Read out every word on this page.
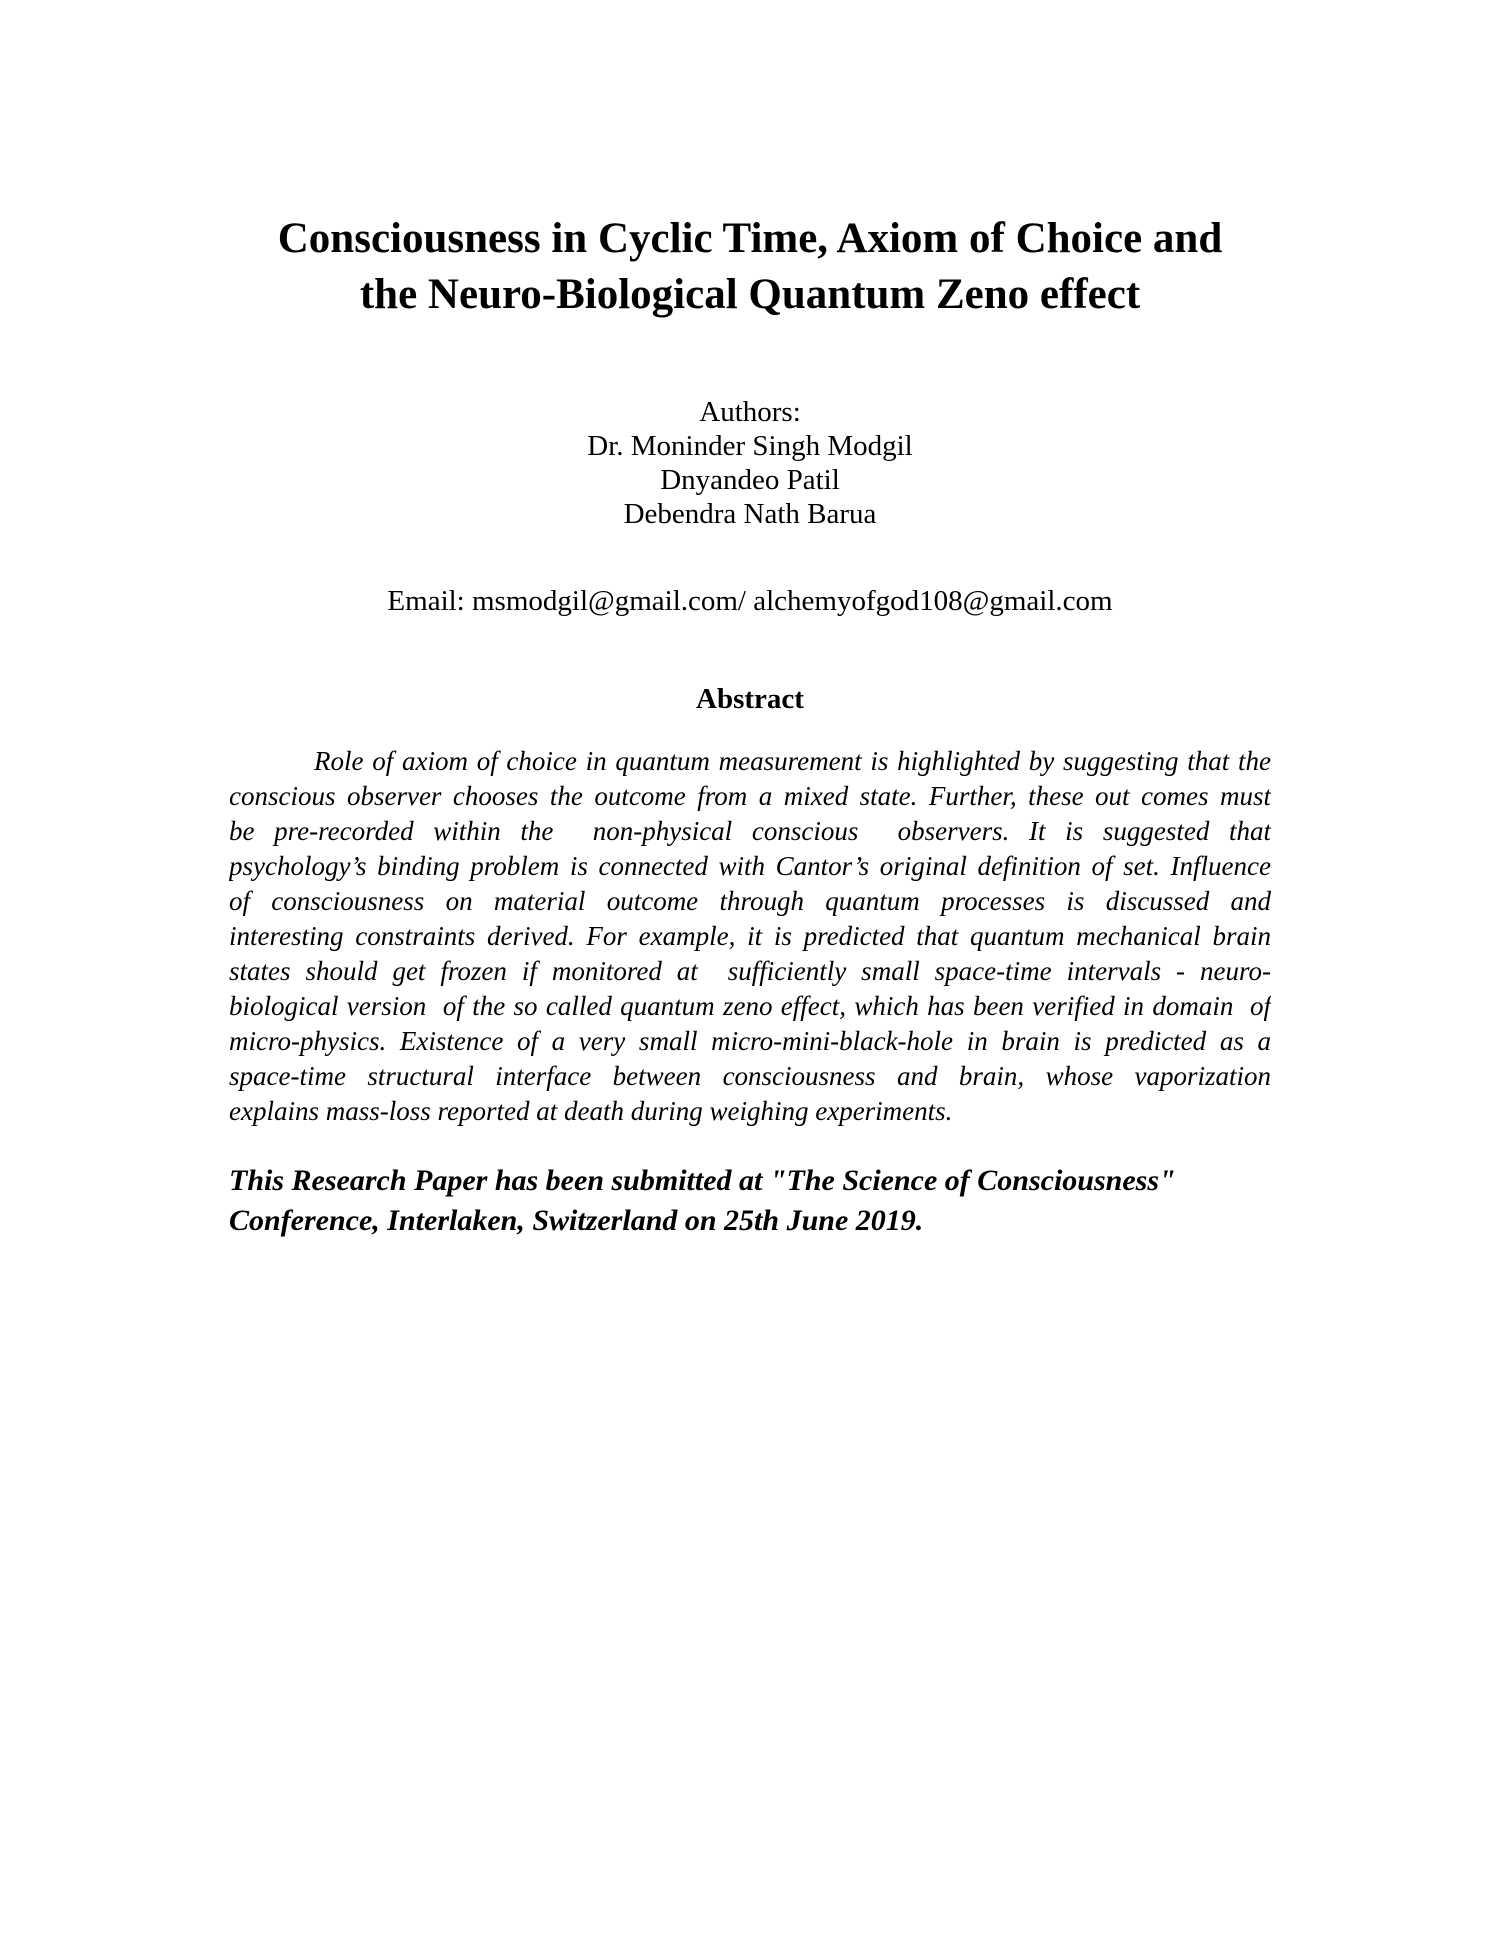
Consciousness in Cyclic Time, Axiom of Choice and
the Neuro-Biological Quantum Zeno effect
Authors:
Dr. Moninder Singh Modgil
Dnyandeo Patil
Debendra Nath Barua
Email: msmodgil@gmail.com/ alchemyofgod108@gmail.com
Abstract
Role of axiom of choice in quantum measurement is highlighted by suggesting that the
conscious observer chooses the outcome from a mixed state. Further, these out comes must
be pre-recorded within the  non-physical conscious  observers. It is suggested that
psychology’s binding problem is connected with Cantor’s original definition of set. Influence
of consciousness on material outcome through quantum processes is discussed and
interesting constraints derived. For example, it is predicted that quantum mechanical brain
states should get frozen if monitored at  sufficiently small space-time intervals - neuro-
biological version  of the so called quantum zeno effect, which has been verified in domain  of
micro-physics. Existence of a very small micro-mini-black-hole in brain is predicted as a
space-time structural interface between consciousness and brain, whose vaporization
explains mass-loss reported at death during weighing experiments.
This Research Paper has been submitted at "The Science of Consciousness"
Conference, Interlaken, Switzerland on 25th June 2019.
